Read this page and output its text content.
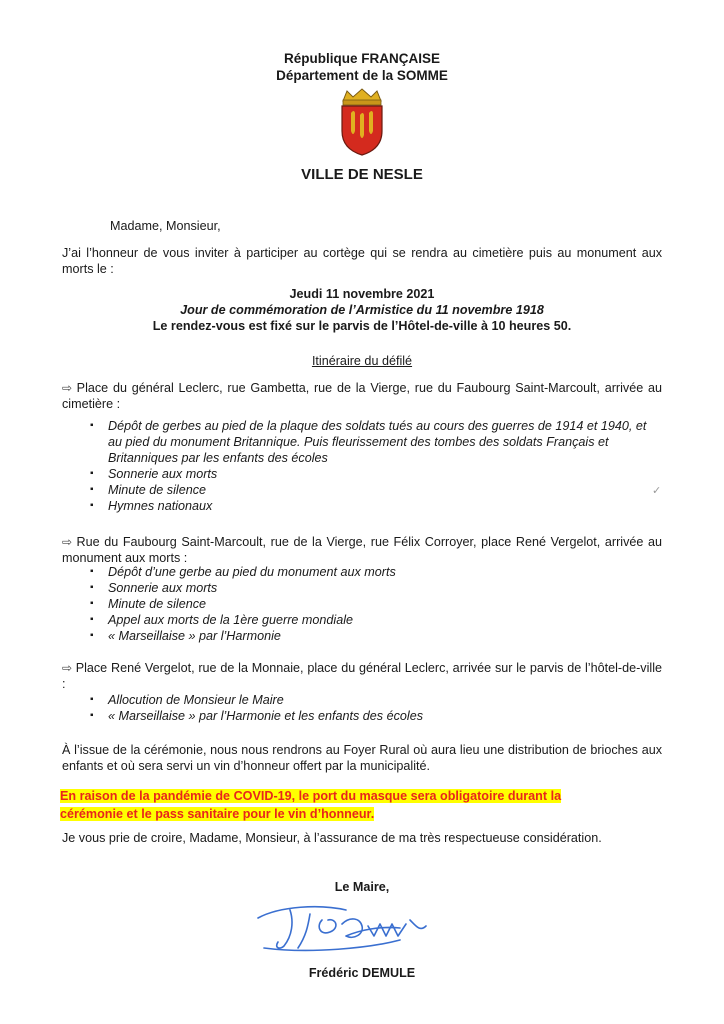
République FRANÇAISE
Département de la SOMME
VILLE DE NESLE
Madame, Monsieur,
J’ai l’honneur de vous inviter à participer au cortège qui se rendra au cimetière puis au monument aux morts le :
Jeudi 11 novembre 2021
Jour de commémoration de l’Armistice du 11 novembre 1918
Le rendez-vous est fixé sur le parvis de l’Hôtel-de-ville à 10 heures 50.
Itinéraire du défilé
⇨ Place du général Leclerc, rue Gambetta, rue de la Vierge, rue du Faubourg Saint-Marcoult, arrivée au cimetière :
▪ Dépôt de gerbes au pied de la plaque des soldats tués au cours des guerres de 1914 et 1940, et au pied du monument Britannique. Puis fleurissement des tombes des soldats Français et Britanniques par les enfants des écoles
▪ Sonnerie aux morts
▪ Minute de silence
▪ Hymnes nationaux
✓
⇨ Rue du Faubourg Saint-Marcoult, rue de la Vierge, rue Félix Corroyer, place René Vergelot, arrivée au monument aux morts :
▪ Dépôt d’une gerbe au pied du monument aux morts
▪ Sonnerie aux morts
▪ Minute de silence
▪ Appel aux morts de la 1ère guerre mondiale
▪ « Marseillaise » par l’Harmonie
⇨ Place René Vergelot, rue de la Monnaie, place du général Leclerc, arrivée sur le parvis de l’hôtel-de-ville :
▪ Allocution de Monsieur le Maire
▪ « Marseillaise » par l’Harmonie et les enfants des écoles
À l’issue de la cérémonie, nous nous rendrons au Foyer Rural où aura lieu une distribution de brioches aux enfants et où sera servi un vin d’honneur offert par la municipalité.
En raison de la pandémie de COVID-19, le port du masque sera obligatoire durant la
cérémonie et le pass sanitaire pour le vin d’honneur.
Je vous prie de croire, Madame, Monsieur, à l’assurance de ma très respectueuse considération.
Le Maire,
Frédéric DEMULE
